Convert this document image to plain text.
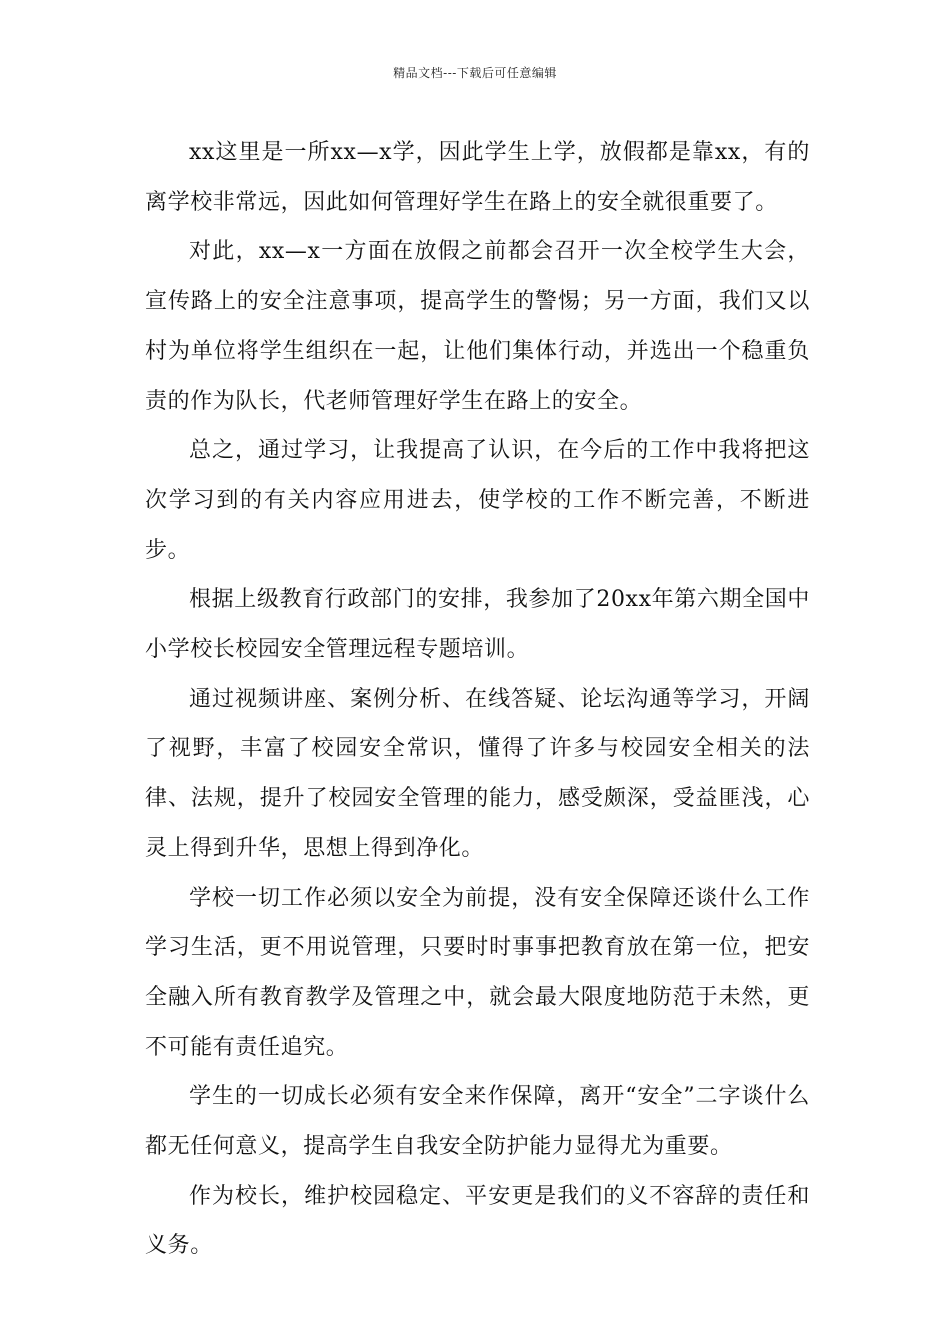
精品文档---下载后可任意编辑

xx这里是一所xx—x学，因此学生上学，放假都是靠xx，有的离学校非常远，因此如何管理好学生在路上的安全就很重要了。

对此，xx—x一方面在放假之前都会召开一次全校学生大会，宣传路上的安全注意事项，提高学生的警惕；另一方面，我们又以村为单位将学生组织在一起，让他们集体行动，并选出一个稳重负责的作为队长，代老师管理好学生在路上的安全。

总之，通过学习，让我提高了认识，在今后的工作中我将把这次学习到的有关内容应用进去，使学校的工作不断完善，不断进步。

根据上级教育行政部门的安排，我参加了20xx年第六期全国中小学校长校园安全管理远程专题培训。

通过视频讲座、案例分析、在线答疑、论坛沟通等学习，开阔了视野，丰富了校园安全常识，懂得了许多与校园安全相关的法律、法规，提升了校园安全管理的能力，感受颇深，受益匪浅，心灵上得到升华，思想上得到净化。

学校一切工作必须以安全为前提，没有安全保障还谈什么工作学习生活，更不用说管理，只要时时事事把教育放在第一位，把安全融入所有教育教学及管理之中，就会最大限度地防范于未然，更不可能有责任追究。

学生的一切成长必须有安全来作保障，离开“安全”二字谈什么都无任何意义，提高学生自我安全防护能力显得尤为重要。

作为校长，维护校园稳定、平安更是我们的义不容辞的责任和义务。
